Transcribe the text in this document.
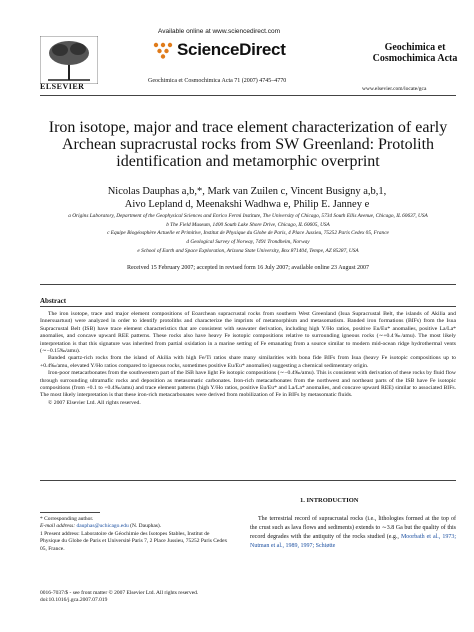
ELSEVIER
Available online at www.sciencedirect.com
ScienceDirect
Geochimica et Cosmochimica Acta 71 (2007) 4745–4770
Geochimica et Cosmochimica Acta
www.elsevier.com/locate/gca
Iron isotope, major and trace element characterization of early Archean supracrustal rocks from SW Greenland: Protolith identification and metamorphic overprint
Nicolas Dauphas a,b,*, Mark van Zuilen c, Vincent Busigny a,b,1,
Aivo Lepland d, Meenakshi Wadhwa e, Philip E. Janney e
a Origins Laboratory, Department of the Geophysical Sciences and Enrico Fermi Institute, The University of Chicago, 5734 South Ellis Avenue, Chicago, IL 60637, USA
b The Field Museum, 1400 South Lake Shore Drive, Chicago, IL 60605, USA
c Equipe Biogéosphère Actuelle et Primitive, Institut de Physique du Globe de Paris, 4 Place Jussieu, 75252 Paris Cedex 05, France
d Geological Survey of Norway, 7491 Trondheim, Norway
e School of Earth and Space Exploration, Arizona State University, Box 871404, Tempe, AZ 85287, USA
Received 15 February 2007; accepted in revised form 16 July 2007; available online 23 August 2007
Abstract

The iron isotope, trace and major element compositions of Eoarchean supracrustal rocks from southern West Greenland (Isua Supracrustal Belt, the islands of Akilia and Innersuartuut) were analyzed in order to identify protoliths and characterize the imprints of metamorphism and metasomatism. Banded iron formations (BIFs) from the Isua Supracrustal Belt (ISB) have trace element characteristics that are consistent with seawater derivation, including high Y/Ho ratios, positive Eu/Eu* anomalies, positive La/La* anomalies, and concave upward REE patterns. These rocks also have heavy Fe isotopic compositions relative to surrounding igneous rocks (∼+0.4‰/amu). The most likely interpretation is that this signature was inherited from partial oxidation in a marine setting of Fe emanating from a source similar to modern mid-ocean ridge hydrothermal vents (∼−0.15‰/amu).

Banded quartz-rich rocks from the island of Akilia with high Fe/Ti ratios share many similarities with bona fide BIFs from Isua (heavy Fe isotopic compositions up to +0.4‰/amu, elevated Y/Ho ratios compared to igneous rocks, sometimes positive Eu/Eu* anomalies) suggesting a chemical sedimentary origin.

Iron-poor metacarbonates from the southwestern part of the ISB have light Fe isotopic compositions (∼−0.4‰/amu). This is consistent with derivation of these rocks by fluid flow through surrounding ultramafic rocks and deposition as metasomatic carbonates. Iron-rich metacarbonates from the northwest and northeast parts of the ISB have Fe isotopic compositions (from +0.1 to +0.4‰/amu) and trace element patterns (high Y/Ho ratios, positive Eu/Eu* and La/La* anomalies, and concave upward REE) similar to associated BIFs. The most likely interpretation is that these iron-rich metacarbonates were derived from mobilization of Fe in BIFs by metasomatic fluids.

© 2007 Elsevier Ltd. All rights reserved.

1. INTRODUCTION
The terrestrial record of supracrustal rocks (i.e., lithologies formed at the top of the crust such as lava flows and sediments) extends to ∼3.8 Ga but the quality of this record degrades with the antiquity of the rocks studied (e.g., Moorbath et al., 1973; Nutman et al., 1989, 1997; Schiøtte
* Corresponding author.
E-mail address: dauphas@uchicago.edu (N. Dauphas).
1 Present address: Laboratoire de Géochimie des Isotopes Stables, Institut de Physique du Globe de Paris et Université Paris 7, 2 Place Jussieu, 75252 Paris Cedex 05, France.
0016-7037/$ - see front matter © 2007 Elsevier Ltd. All rights reserved.
doi:10.1016/j.gca.2007.07.019
